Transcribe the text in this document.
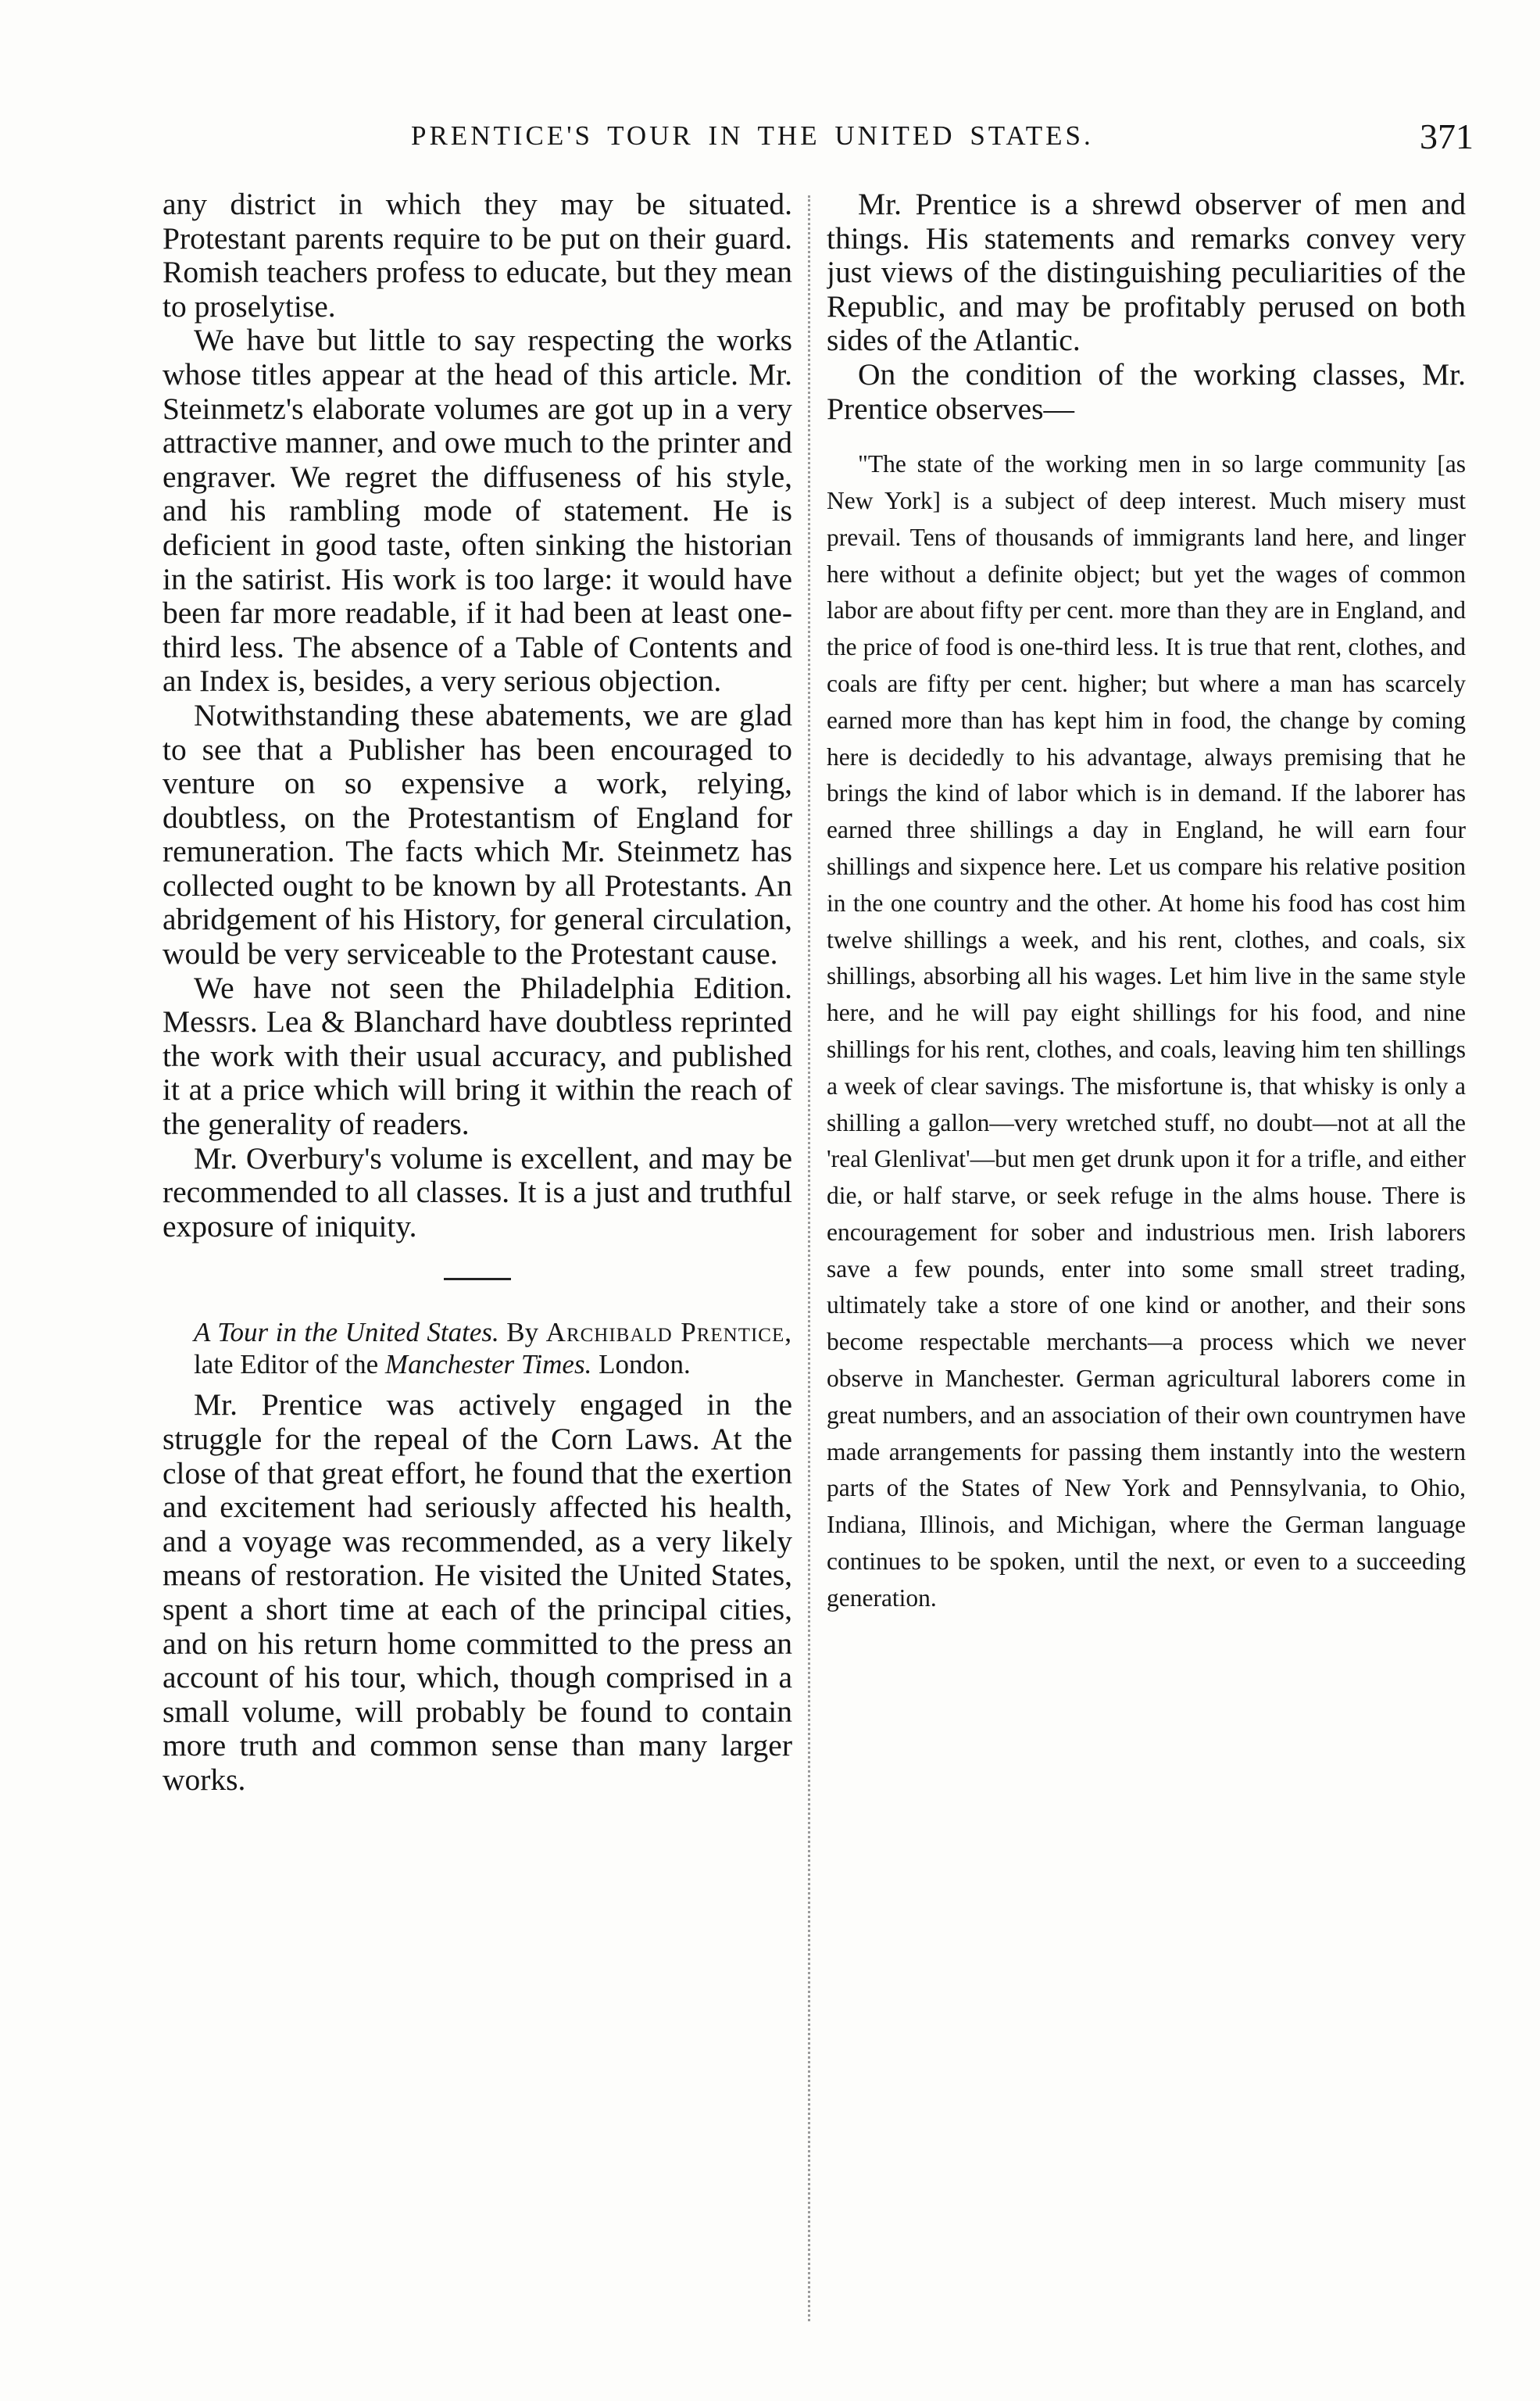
PRENTICE'S TOUR IN THE UNITED STATES.	371

any district in which they may be situated. Protestant parents require to be put on their guard. Romish teachers profess to educate, but they mean to proselytise.

We have but little to say respecting the works whose titles appear at the head of this article. Mr. Steinmetz's elaborate volumes are got up in a very attractive manner, and owe much to the printer and engraver. We regret the diffuseness of his style, and his rambling mode of statement. He is deficient in good taste, often sinking the historian in the satirist. His work is too large: it would have been far more readable, if it had been at least one-third less. The absence of a Table of Contents and an Index is, besides, a very serious objection.

Notwithstanding these abatements, we are glad to see that a Publisher has been encouraged to venture on so expensive a work, relying, doubtless, on the Protestantism of England for remuneration. The facts which Mr. Steinmetz has collected ought to be known by all Protestants. An abridgement of his History, for general circulation, would be very serviceable to the Protestant cause.

We have not seen the Philadelphia Edition. Messrs. Lea & Blanchard have doubtless reprinted the work with their usual accuracy, and published it at a price which will bring it within the reach of the generality of readers.

Mr. Overbury's volume is excellent, and may be recommended to all classes. It is a just and truthful exposure of iniquity.

A Tour in the United States. By Archibald Prentice, late Editor of the Manchester Times. London.

Mr. Prentice was actively engaged in the struggle for the repeal of the Corn Laws. At the close of that great effort, he found that the exertion and excitement had seriously affected his health, and a voyage was recommended, as a very likely means of restoration. He visited the United States, spent a short time at each of the principal cities, and on his return home committed to the press an account of his tour, which, though comprised in a small volume, will probably be found to contain more truth and common sense than many larger works.

Mr. Prentice is a shrewd observer of men and things. His statements and remarks convey very just views of the distinguishing peculiarities of the Republic, and may be profitably perused on both sides of the Atlantic.

On the condition of the working classes, Mr. Prentice observes—

"The state of the working men in so large community [as New York] is a subject of deep interest. Much misery must prevail. Tens of thousands of immigrants land here, and linger here without a definite object; but yet the wages of common labor are about fifty per cent. more than they are in England, and the price of food is one-third less. It is true that rent, clothes, and coals are fifty per cent. higher; but where a man has scarcely earned more than has kept him in food, the change by coming here is decidedly to his advantage, always premising that he brings the kind of labor which is in demand. If the laborer has earned three shillings a day in England, he will earn four shillings and sixpence here. Let us compare his relative position in the one country and the other. At home his food has cost him twelve shillings a week, and his rent, clothes, and coals, six shillings, absorbing all his wages. Let him live in the same style here, and he will pay eight shillings for his food, and nine shillings for his rent, clothes, and coals, leaving him ten shillings a week of clear savings. The misfortune is, that whisky is only a shilling a gallon—very wretched stuff, no doubt—not at all the 'real Glenlivat'—but men get drunk upon it for a trifle, and either die, or half starve, or seek refuge in the alms house. There is encouragement for sober and industrious men. Irish laborers save a few pounds, enter into some small street trading, ultimately take a store of one kind or another, and their sons become respectable merchants—a process which we never observe in Manchester. German agricultural laborers come in great numbers, and an association of their own countrymen have made arrangements for passing them instantly into the western parts of the States of New York and Pennsylvania, to Ohio, Indiana, Illinois, and Michigan, where the German language continues to be spoken, until the next, or even to a succeeding generation.
